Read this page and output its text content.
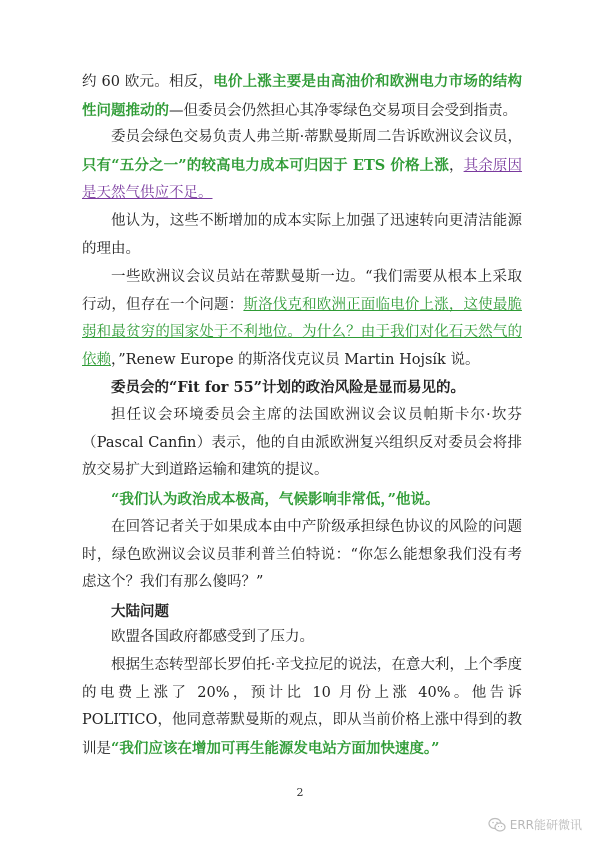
约 60 欧元。相反，电价上涨主要是由高油价和欧洲电力市场的结构性问题推动的—但委员会仍然担心其净零绿色交易项目会受到指责。

委员会绿色交易负责人弗兰斯·蒂默曼斯周二告诉欧洲议会议员，只有“五分之一”的较高电力成本可归因于 ETS 价格上涨，其余原因是天然气供应不足。

他认为，这些不断增加的成本实际上加强了迅速转向更清洁能源的理由。

一些欧洲议会议员站在蒂默曼斯一边。“我们需要从根本上采取行动，但存在一个问题：斯洛伐克和欧洲正面临电价上涨，这使最脆弱和最贫穷的国家处于不利地位。为什么？由于我们对化石天然气的依赖，”Renew Europe 的斯洛伐克议员 Martin Hojsík 说。

委员会的“Fit for 55”计划的政治风险是显而易见的。

担任议会环境委员会主席的法国欧洲议会议员帕斯卡尔·坎芬（Pascal Canfin）表示，他的自由派欧洲复兴组织反对委员会将排放交易扩大到道路运输和建筑的提议。

“我们认为政治成本极高，气候影响非常低，”他说。

在回答记者关于如果成本由中产阶级承担绿色协议的风险的问题时，绿色欧洲议会议员菲利普兰伯特说：“你怎么能想象我们没有考虑这个？我们有那么傻吗？”

大陆问题

欧盟各国政府都感受到了压力。

根据生态转型部长罗伯托·辛戈拉尼的说法，在意大利，上个季度的电费上涨了 20%，预计比 10 月份上涨 40%。他告诉 POLITICO，他同意蒂默曼斯的观点，即从当前价格上涨中得到的教训是“我们应该在增加可再生能源发电站方面加快速度。”

2
ERR能研微讯
